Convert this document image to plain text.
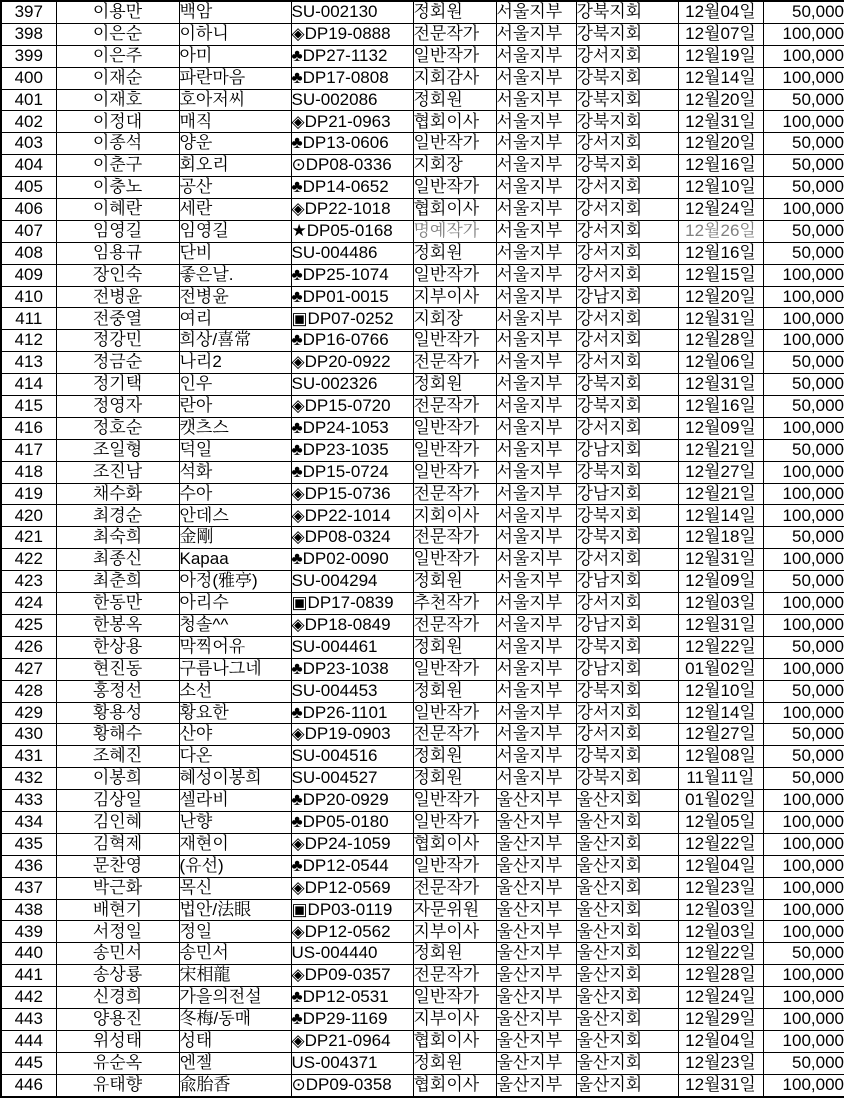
397	이용만	백암	SU-002130	정회원	서울지부	강북지회	12월04일	50,000
398	이은순	이하니	◈DP19-0888	전문작가	서울지부	강북지회	12월07일	100,000
399	이은주	아미	♣DP27-1132	일반작가	서울지부	강서지회	12월19일	100,000
400	이재순	파란마음	♣DP17-0808	지회감사	서울지부	강북지회	12월14일	100,000
401	이재호	호아저씨	SU-002086	정회원	서울지부	강북지회	12월20일	50,000
402	이정대	매직	◈DP21-0963	협회이사	서울지부	강북지회	12월31일	100,000
403	이종석	양운	♣DP13-0606	일반작가	서울지부	강서지회	12월20일	50,000
404	이춘구	회오리	⊙DP08-0336	지회장	서울지부	강북지회	12월16일	50,000
405	이충노	공산	♣DP14-0652	일반작가	서울지부	강서지회	12월10일	50,000
406	이혜란	세란	◈DP22-1018	협회이사	서울지부	강서지회	12월24일	100,000
407	임영길	임영길	★DP05-0168	명예작가	서울지부	강서지회	12월26일	50,000
408	임용규	단비	SU-004486	정회원	서울지부	강서지회	12월16일	50,000
409	장인숙	좋은날.	♣DP25-1074	일반작가	서울지부	강서지회	12월15일	100,000
410	전병윤	전병윤	♣DP01-0015	지부이사	서울지부	강남지회	12월20일	100,000
411	전중열	여리	▣DP07-0252	지회장	서울지부	강서지회	12월31일	100,000
412	정강민	희상/喜常	♣DP16-0766	일반작가	서울지부	강서지회	12월28일	100,000
413	정금순	나리2	◈DP20-0922	전문작가	서울지부	강서지회	12월06일	50,000
414	정기택	인우	SU-002326	정회원	서울지부	강북지회	12월31일	50,000
415	정영자	란아	◈DP15-0720	전문작가	서울지부	강북지회	12월16일	50,000
416	정호순	캣츠스	♣DP24-1053	일반작가	서울지부	강서지회	12월09일	100,000
417	조일형	덕일	♣DP23-1035	일반작가	서울지부	강남지회	12월21일	50,000
418	조진남	석화	♣DP15-0724	일반작가	서울지부	강북지회	12월27일	100,000
419	채수화	수아	◈DP15-0736	전문작가	서울지부	강남지회	12월21일	100,000
420	최경순	안데스	◈DP22-1014	지회이사	서울지부	강북지회	12월14일	100,000
421	최숙희	金剛	◈DP08-0324	전문작가	서울지부	강북지회	12월18일	50,000
422	최종신	Kapaa	♣DP02-0090	일반작가	서울지부	강서지회	12월31일	100,000
423	최춘희	아정(雅亭)	SU-004294	정회원	서울지부	강남지회	12월09일	50,000
424	한동만	아리수	▣DP17-0839	추천작가	서울지부	강서지회	12월03일	100,000
425	한봉옥	청솔^^	◈DP18-0849	전문작가	서울지부	강남지회	12월31일	100,000
426	한상용	막찍어유	SU-004461	정회원	서울지부	강북지회	12월22일	50,000
427	현진동	구름나그네	♣DP23-1038	일반작가	서울지부	강남지회	01월02일	100,000
428	홍정선	소선	SU-004453	정회원	서울지부	강북지회	12월10일	50,000
429	황용성	황요한	♣DP26-1101	일반작가	서울지부	강서지회	12월14일	100,000
430	황해수	산야	◈DP19-0903	전문작가	서울지부	강서지회	12월27일	50,000
431	조혜진	다온	SU-004516	정회원	서울지부	강북지회	12월08일	50,000
432	이봉희	혜성이봉희	SU-004527	정회원	서울지부	강북지회	11월11일	50,000
433	김상일	셀라비	♣DP20-0929	일반작가	울산지부	울산지회	01월02일	100,000
434	김인혜	난향	♣DP05-0180	일반작가	울산지부	울산지회	12월05일	100,000
435	김혁제	재현이	◈DP24-1059	협회이사	울산지부	울산지회	12월22일	100,000
436	문찬영	(유선)	♣DP12-0544	일반작가	울산지부	울산지회	12월04일	100,000
437	박근화	목신	◈DP12-0569	전문작가	울산지부	울산지회	12월23일	100,000
438	배현기	법안/法眼	▣DP03-0119	자문위원	울산지부	울산지회	12월03일	100,000
439	서정일	정일	◈DP12-0562	지부이사	울산지부	울산지회	12월03일	100,000
440	송민서	송민서	US-004440	정회원	울산지부	울산지회	12월22일	50,000
441	송상룡	宋相龍	◈DP09-0357	전문작가	울산지부	울산지회	12월28일	100,000
442	신경희	가을의전설	♣DP12-0531	일반작가	울산지부	울산지회	12월24일	100,000
443	양용진	冬梅/동매	♣DP29-1169	지부이사	울산지부	울산지회	12월29일	100,000
444	위성태	성태	◈DP21-0964	협회이사	울산지부	울산지회	12월04일	100,000
445	유순옥	엔젤	US-004371	정회원	울산지부	울산지회	12월23일	50,000
446	유태향	兪胎香	⊙DP09-0358	협회이사	울산지부	울산지회	12월31일	100,000
